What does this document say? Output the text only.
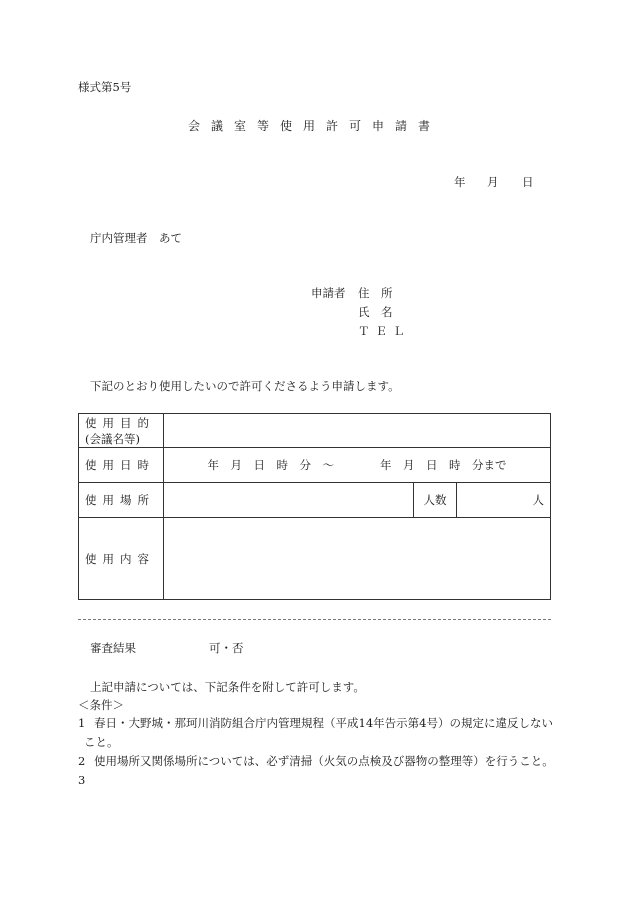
様式第5号
会議室等使用許可申請書
年 月 日
庁内管理者　あて
申請者 住　所
氏　名
ＴＥＬ
下記のとおり使用したいので許可くださるよう申請します。
使用目的
(会議名等)			

使用日時	年　月　日　時　分　～　　　　年　月　日　時　分まで		
使用場所		人数	人
使用内容			
審査結果	可・否
上記申請については、下記条件を附して許可します。
＜条件＞
1 春日・大野城・那珂川消防組合庁内管理規程（平成14年告示第4号）の規定に違反しない
こと。
2 使用場所又関係場所については、必ず清掃（火気の点検及び器物の整理等）を行うこと。
3
